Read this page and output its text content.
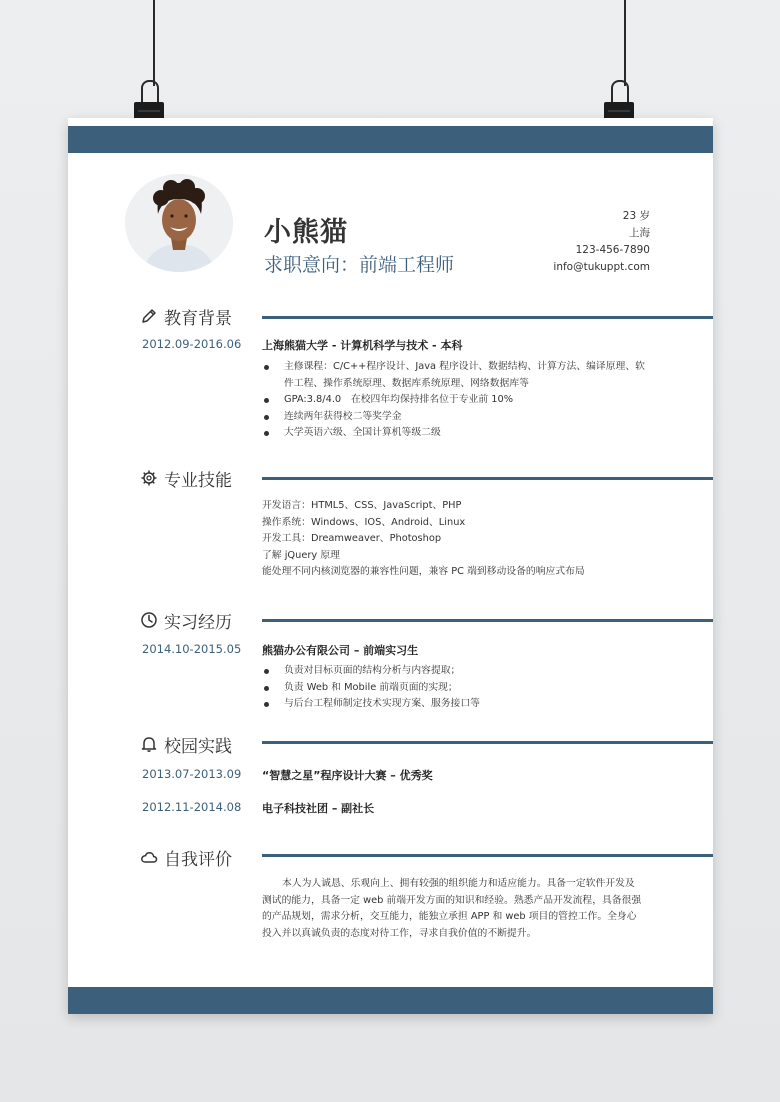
小熊猫
求职意向：前端工程师
23 岁
上海
123-456-7890
info@tukuppt.com
教育背景
2012.09-2016.06 上海熊猫大学 - 计算机科学与技术 - 本科
主修课程：C/C++程序设计、Java 程序设计、数据结构、计算方法、编译原理、软件工程、操作系统原理、数据库系统原理、网络数据库等
GPA:3.8/4.0　在校四年均保持排名位于专业前 10%
连续两年获得校二等奖学金
大学英语六级、全国计算机等级二级
专业技能
开发语言：HTML5、CSS、JavaScript、PHP
操作系统：Windows、IOS、Android、Linux
开发工具：Dreamweaver、Photoshop
了解 jQuery 原理
能处理不同内核浏览器的兼容性问题，兼容 PC 端到移动设备的响应式布局
实习经历
2014.10-2015.05 熊猫办公有限公司 – 前端实习生
负责对目标页面的结构分析与内容提取；
负责 Web 和 Mobile 前端页面的实现；
与后台工程师制定技术实现方案、服务接口等
校园实践
2013.07-2013.09 “智慧之星”程序设计大赛 – 优秀奖
2012.11-2014.08 电子科技社团 – 副社长
自我评价
本人为人诚恳、乐观向上、拥有较强的组织能力和适应能力。具备一定软件开发及测试的能力，具备一定 web 前端开发方面的知识和经验。熟悉产品开发流程，具备很强的产品规划，需求分析，交互能力，能独立承担 APP 和 web 项目的管控工作。全身心投入并以真诚负责的态度对待工作，寻求自我价值的不断提升。
